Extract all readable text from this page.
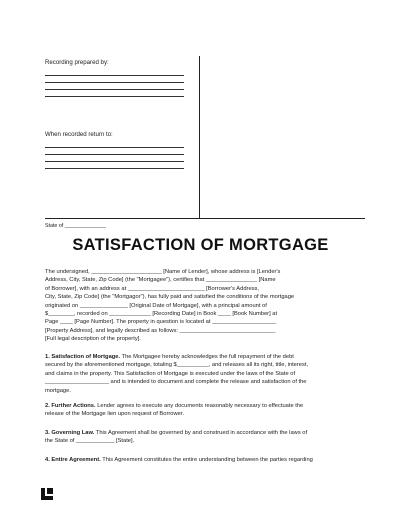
Recording prepared by:
When recorded return to:
State of ______________
SATISFACTION OF MORTGAGE
The undersigned, ______________________ [Name of Lender], whose address is [Lender's
Address, City, State, Zip Code] (the "Mortgagee"), certifies that ________________ [Name
of Borrower], with an address at ________________________ [Borrower's Address,
City, State, Zip Code] (the "Mortgagor"), has fully paid and satisfied the conditions of the mortgage
originated on _______________ [Original Date of Mortgage], with a principal amount of
$________, recorded on _____________ [Recording Date] in Book ____ [Book Number] at
Page ____ [Page Number]. The property in question is located at ____________________
[Property Address], and legally described as follows: ______________________________
[Full legal description of the property].
1. Satisfaction of Mortgage. The Mortgagee hereby acknowledges the full repayment of the debt
secured by the aforementioned mortgage, totaling $__________, and releases all its right, title, interest,
and claims in the property. This Satisfaction of Mortgage is executed under the laws of the State of
____________________ and is intended to document and complete the release and satisfaction of the
mortgage.
2. Further Actions. Lender agrees to execute any documents reasonably necessary to effectuate the
release of the Mortgage lien upon request of Borrower.
3. Governing Law. This Agreement shall be governed by and construed in accordance with the laws of
the State of ____________ [State].
4. Entire Agreement. This Agreement constitutes the entire understanding between the parties regarding
